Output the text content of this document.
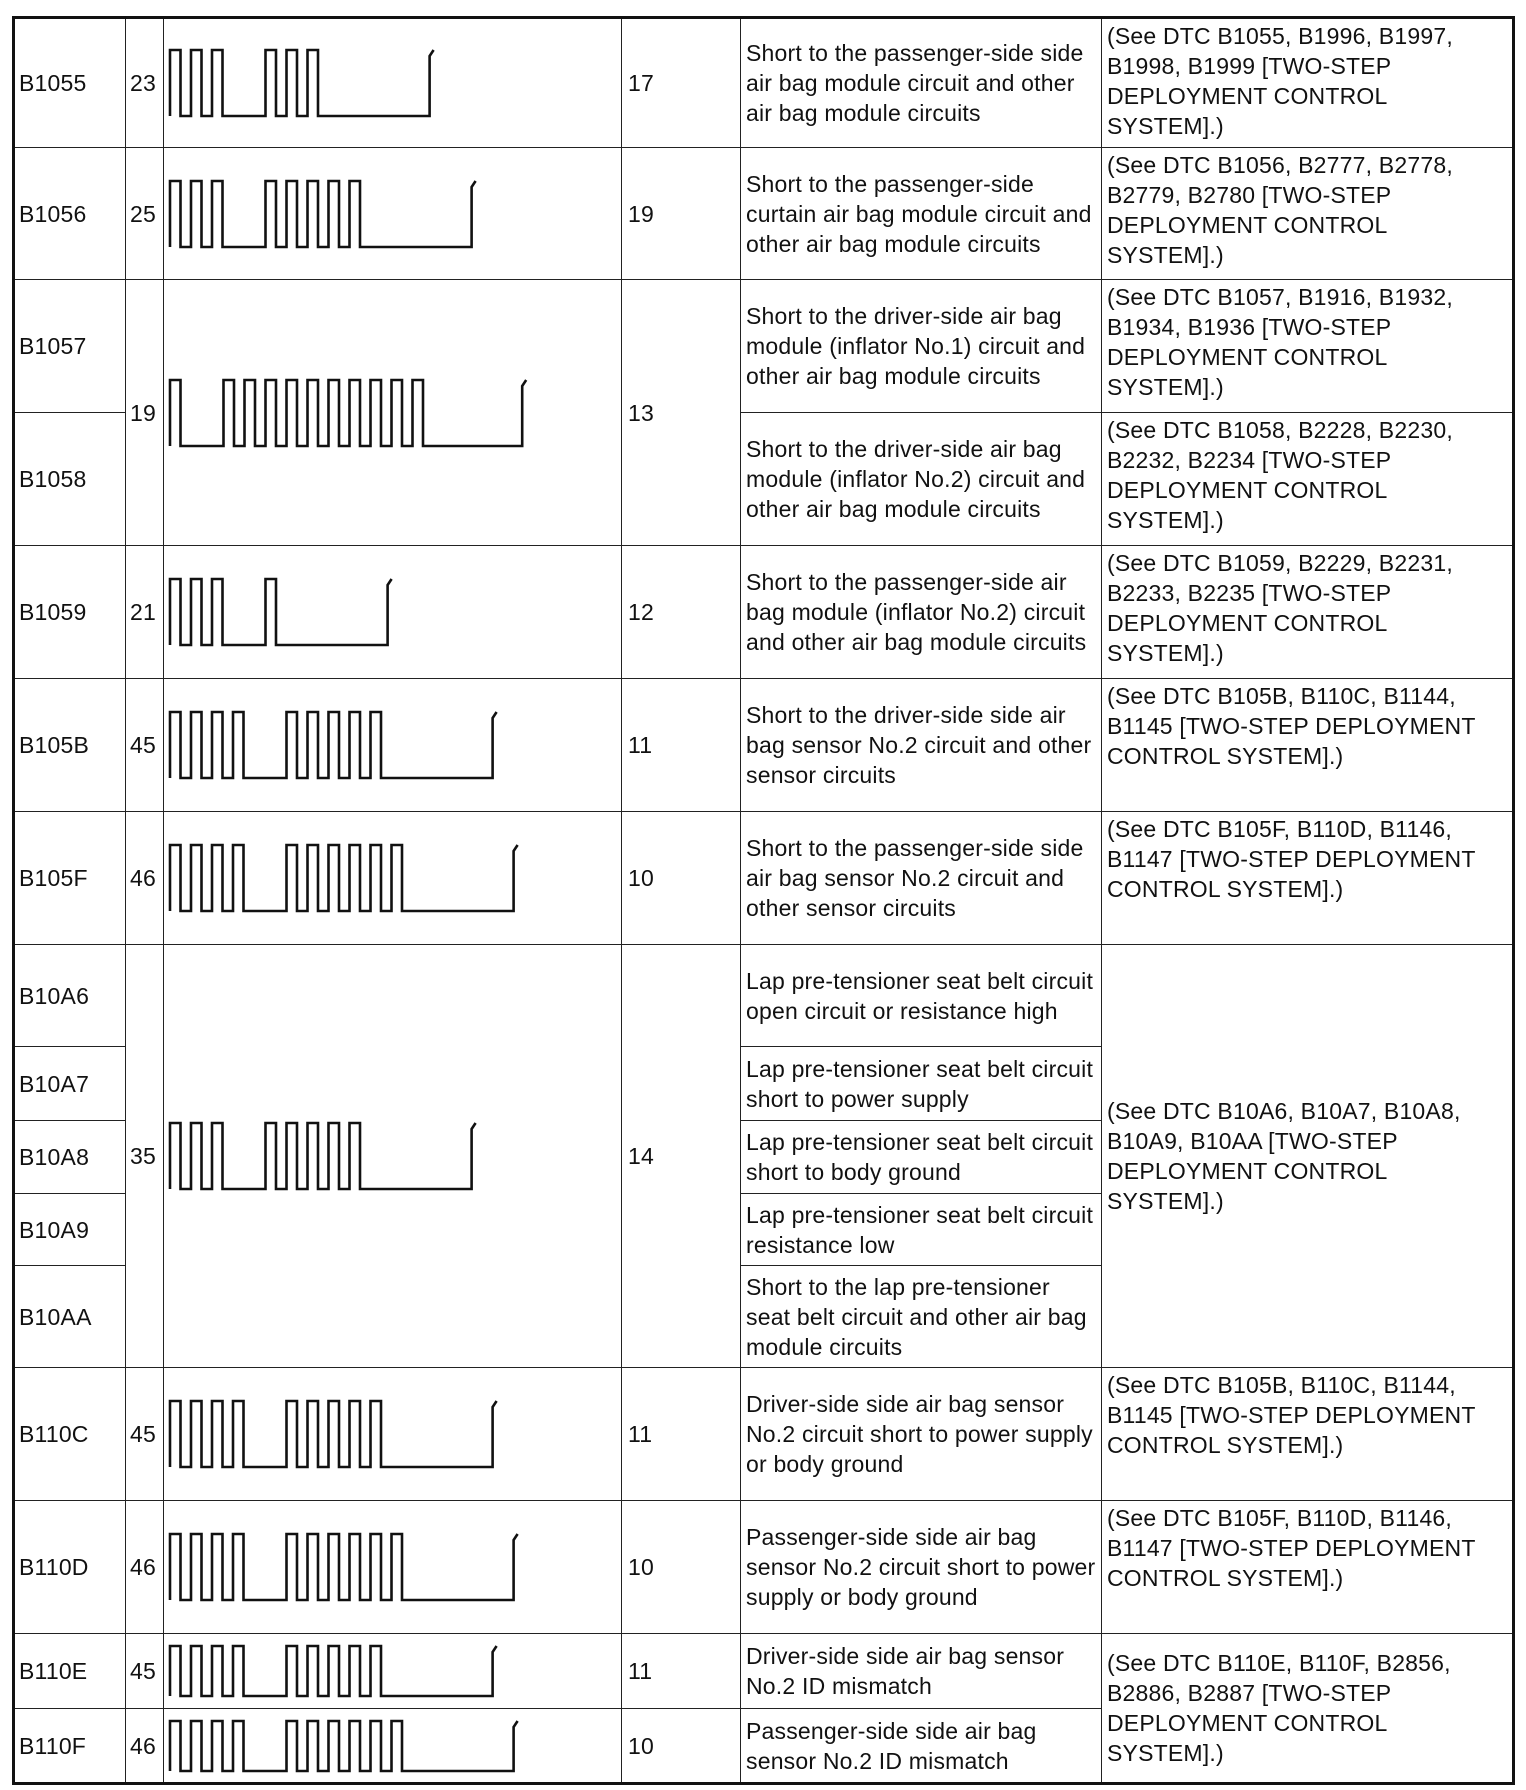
B1055	23		17	Short to the passenger-side side air bag module circuit and other air bag module circuits	(See DTC B1055, B1996, B1997, B1998, B1999 [TWO-STEP DEPLOYMENT CONTROL SYSTEM].)
B1056	25		19	Short to the passenger-side curtain air bag module circuit and other air bag module circuits	(See DTC B1056, B2777, B2778, B2779, B2780 [TWO-STEP DEPLOYMENT CONTROL SYSTEM].)
B1057	19		13	Short to the driver-side air bag module (inflator No.1) circuit and other air bag module circuits	(See DTC B1057, B1916, B1932, B1934, B1936 [TWO-STEP DEPLOYMENT CONTROL SYSTEM].)
B1058				Short to the driver-side air bag module (inflator No.2) circuit and other air bag module circuits	(See DTC B1058, B2228, B2230, B2232, B2234 [TWO-STEP DEPLOYMENT CONTROL SYSTEM].)
B1059	21		12	Short to the passenger-side air bag module (inflator No.2) circuit and other air bag module circuits	(See DTC B1059, B2229, B2231, B2233, B2235 [TWO-STEP DEPLOYMENT CONTROL SYSTEM].)
B105B	45		11	Short to the driver-side side air bag sensor No.2 circuit and other sensor circuits	(See DTC B105B, B110C, B1144, B1145 [TWO-STEP DEPLOYMENT CONTROL SYSTEM].)
B105F	46		10	Short to the passenger-side side air bag sensor No.2 circuit and other sensor circuits	(See DTC B105F, B110D, B1146, B1147 [TWO-STEP DEPLOYMENT CONTROL SYSTEM].)
B10A6	35		14	Lap pre-tensioner seat belt circuit open circuit or resistance high	(See DTC B10A6, B10A7, B10A8, B10A9, B10AA [TWO-STEP DEPLOYMENT CONTROL SYSTEM].)
B10A7				Lap pre-tensioner seat belt circuit short to power supply	
B10A8				Lap pre-tensioner seat belt circuit short to body ground	
B10A9				Lap pre-tensioner seat belt circuit resistance low	
B10AA				Short to the lap pre-tensioner seat belt circuit and other air bag module circuits	
B110C	45		11	Driver-side side air bag sensor No.2 circuit short to power supply or body ground	(See DTC B105B, B110C, B1144, B1145 [TWO-STEP DEPLOYMENT CONTROL SYSTEM].)
B110D	46		10	Passenger-side side air bag sensor No.2 circuit short to power supply or body ground	(See DTC B105F, B110D, B1146, B1147 [TWO-STEP DEPLOYMENT CONTROL SYSTEM].)
B110E	45		11	Driver-side side air bag sensor No.2 ID mismatch	(See DTC B110E, B110F, B2856, B2886, B2887 [TWO-STEP DEPLOYMENT CONTROL SYSTEM].)
B110F	46		10	Passenger-side side air bag sensor No.2 ID mismatch	
